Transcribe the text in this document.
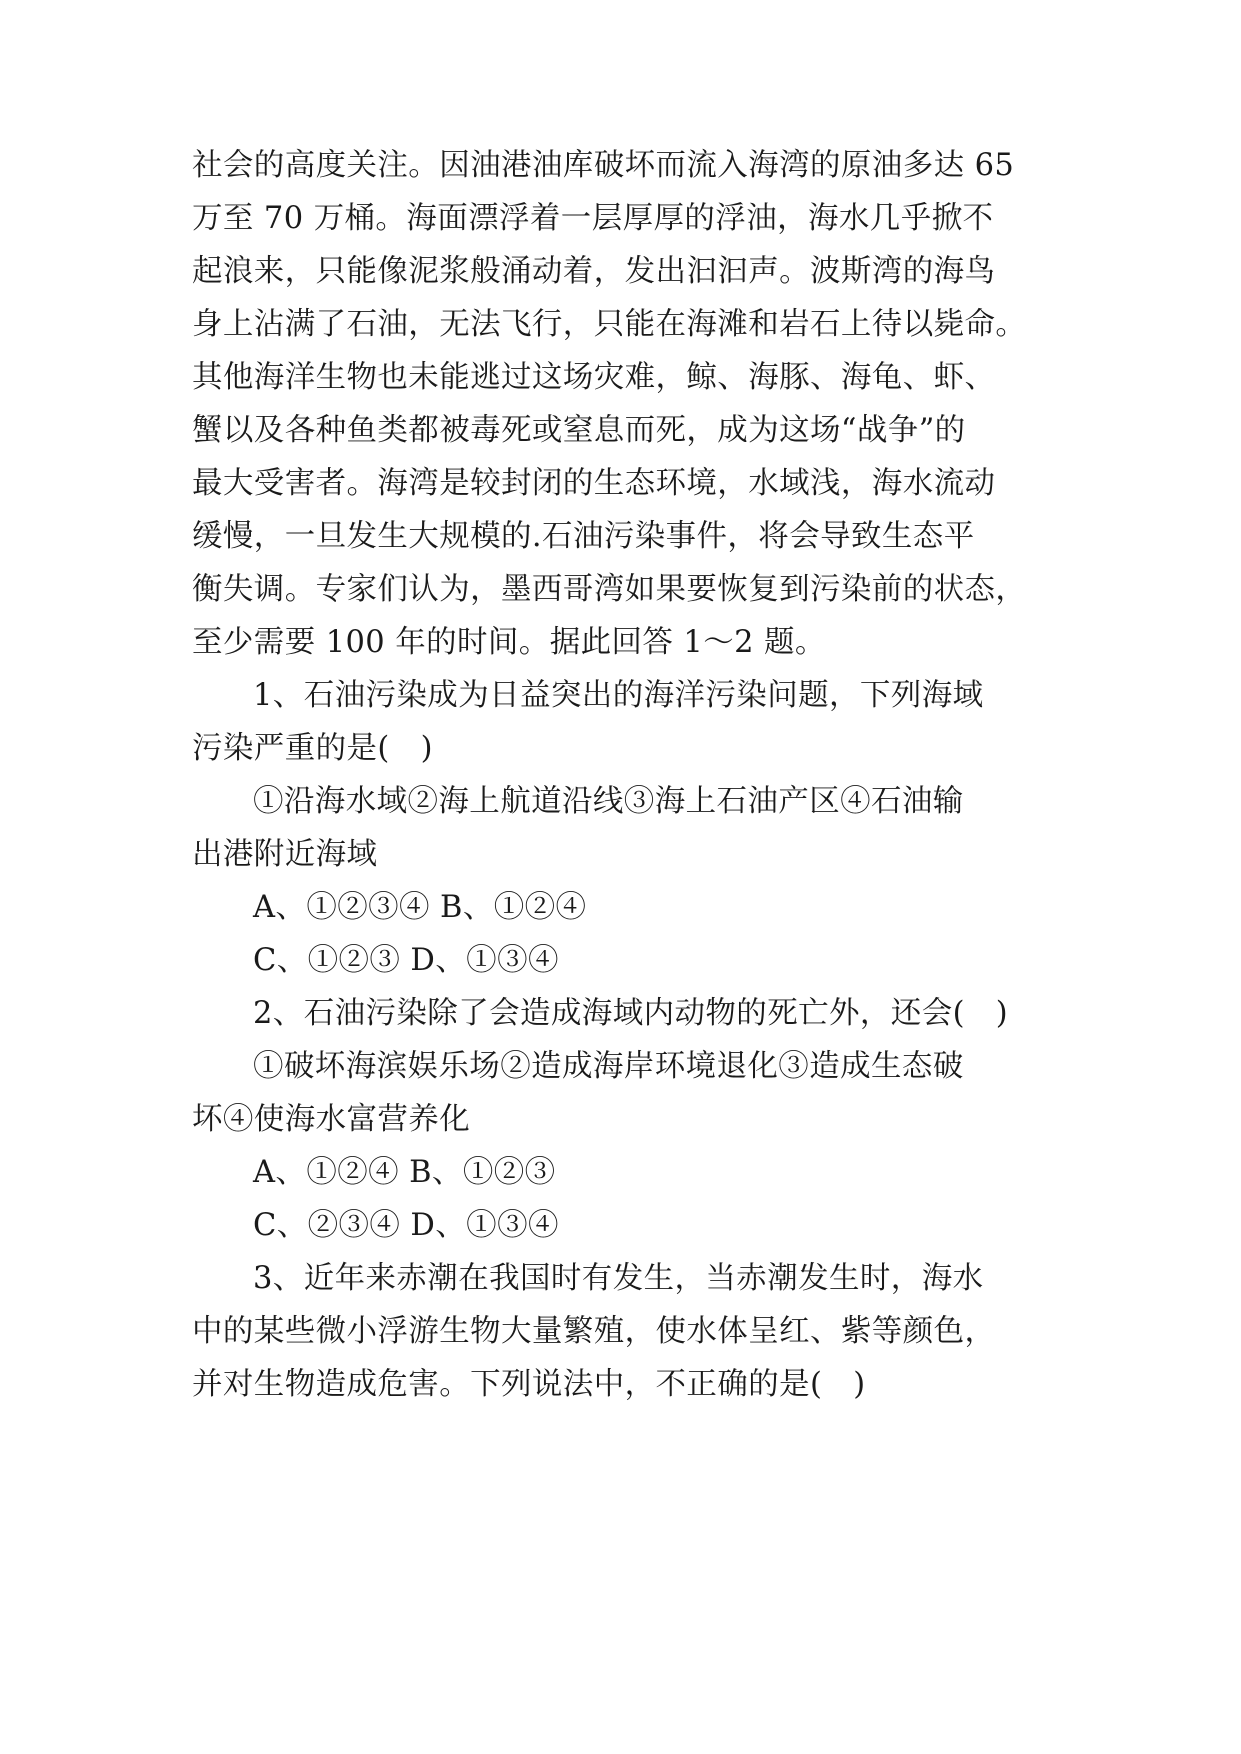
社会的高度关注。因油港油库破坏而流入海湾的原油多达 65
万至 70 万桶。海面漂浮着一层厚厚的浮油，海水几乎掀不
起浪来，只能像泥浆般涌动着，发出汩汩声。波斯湾的海鸟
身上沾满了石油，无法飞行，只能在海滩和岩石上待以毙命。
其他海洋生物也未能逃过这场灾难，鲸、海豚、海龟、虾、
蟹以及各种鱼类都被毒死或窒息而死，成为这场“战争”的
最大受害者。海湾是较封闭的生态环境，水域浅，海水流动
缓慢，一旦发生大规模的.石油污染事件，将会导致生态平
衡失调。专家们认为，墨西哥湾如果要恢复到污染前的状态，
至少需要 100 年的时间。据此回答 1～2 题。
1、石油污染成为日益突出的海洋污染问题，下列海域
污染严重的是(　)
①沿海水域②海上航道沿线③海上石油产区④石油输
出港附近海域
A、①②③④ B、①②④
C、①②③ D、①③④
2、石油污染除了会造成海域内动物的死亡外，还会(　)
①破坏海滨娱乐场②造成海岸环境退化③造成生态破
坏④使海水富营养化
A、①②④ B、①②③
C、②③④ D、①③④
3、近年来赤潮在我国时有发生，当赤潮发生时，海水
中的某些微小浮游生物大量繁殖，使水体呈红、紫等颜色，
并对生物造成危害。下列说法中，不正确的是(　)
